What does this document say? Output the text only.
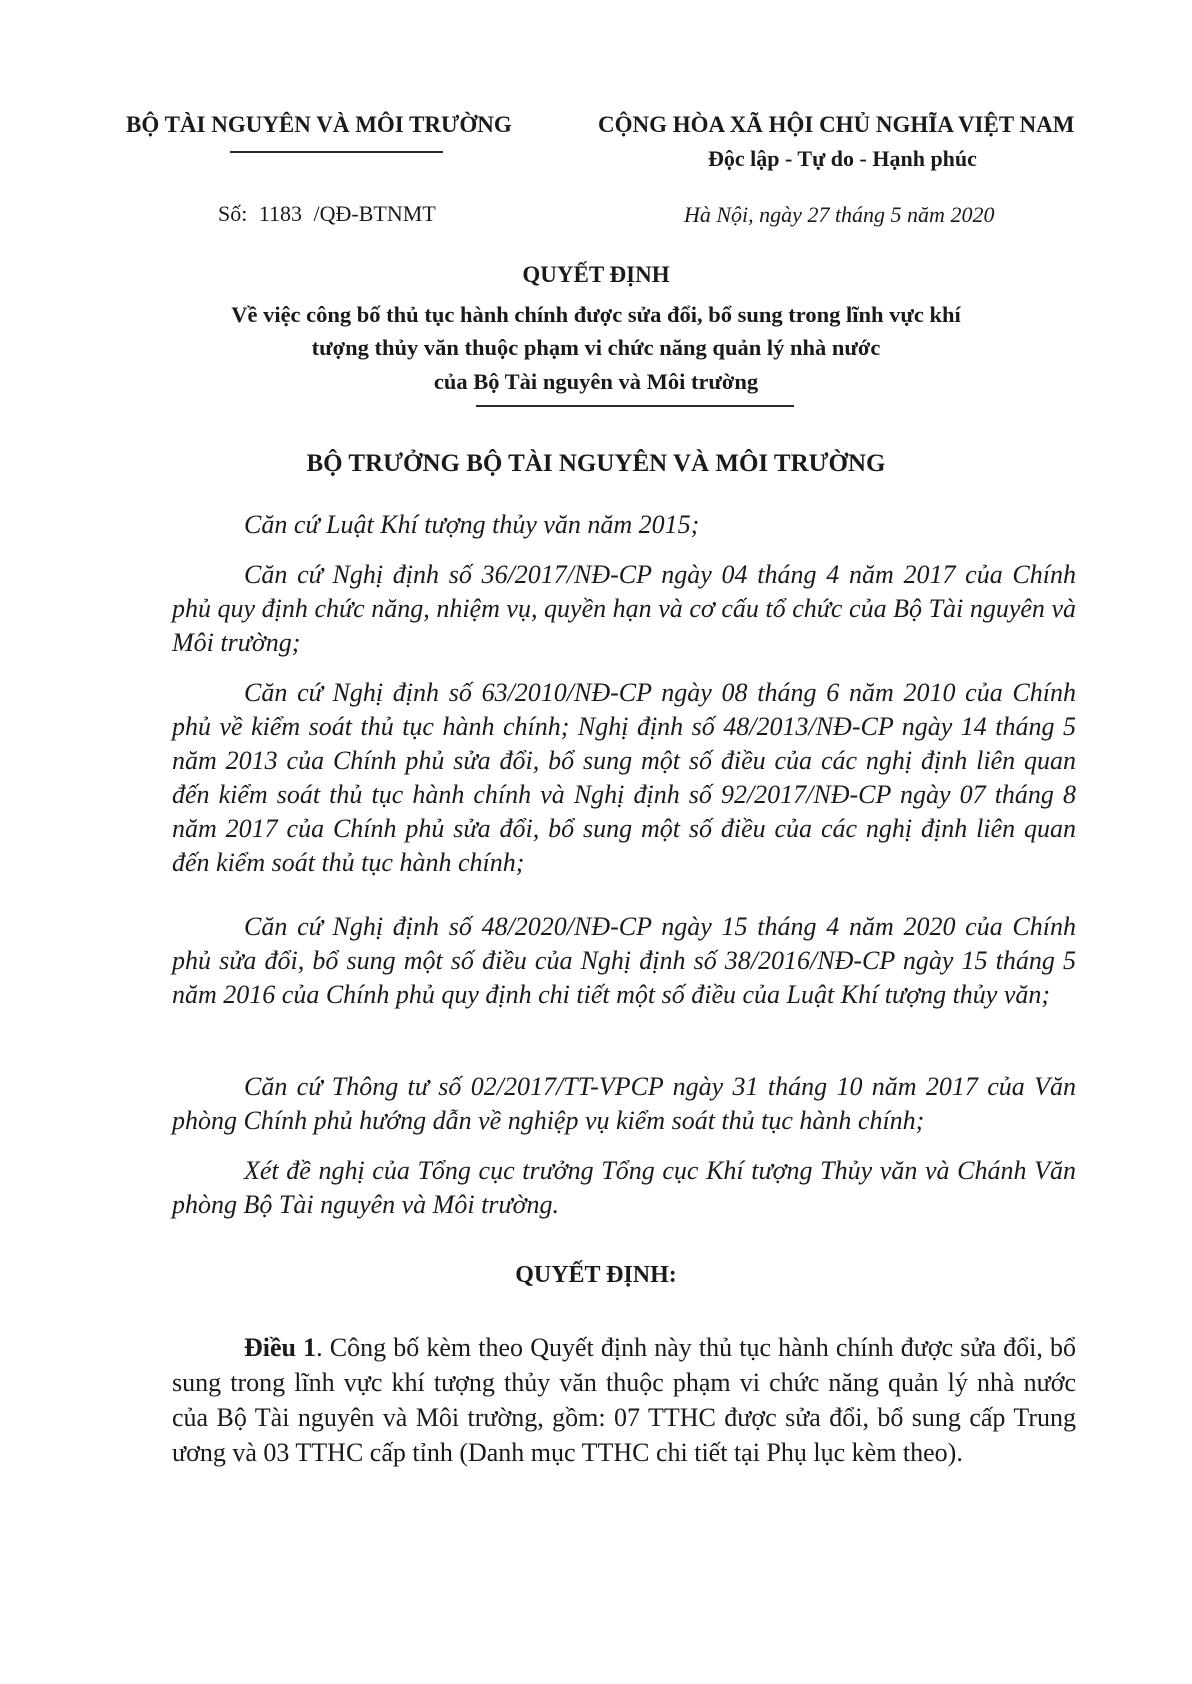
BỘ TÀI NGUYÊN VÀ MÔI TRƯỜNG	CỘNG HÒA XÃ HỘI CHỦ NGHĨA VIỆT NAM
Độc lập - Tự do - Hạnh phúc
Số: 1183 /QĐ-BTNMT	Hà Nội, ngày 27 tháng 5 năm 2020
QUYẾT ĐỊNH
Về việc công bố thủ tục hành chính được sửa đổi, bổ sung trong lĩnh vực khí
tượng thủy văn thuộc phạm vi chức năng quản lý nhà nước
của Bộ Tài nguyên và Môi trường
BỘ TRƯỞNG BỘ TÀI NGUYÊN VÀ MÔI TRƯỜNG
Căn cứ Luật Khí tượng thủy văn năm 2015;
Căn cứ Nghị định số 36/2017/NĐ-CP ngày 04 tháng 4 năm 2017 của Chính phủ quy định chức năng, nhiệm vụ, quyền hạn và cơ cấu tổ chức của Bộ Tài nguyên và Môi trường;
Căn cứ Nghị định số 63/2010/NĐ-CP ngày 08 tháng 6 năm 2010 của Chính phủ về kiểm soát thủ tục hành chính; Nghị định số 48/2013/NĐ-CP ngày 14 tháng 5 năm 2013 của Chính phủ sửa đổi, bổ sung một số điều của các nghị định liên quan đến kiểm soát thủ tục hành chính và Nghị định số 92/2017/NĐ-CP ngày 07 tháng 8 năm 2017 của Chính phủ sửa đổi, bổ sung một số điều của các nghị định liên quan đến kiểm soát thủ tục hành chính;
Căn cứ Nghị định số 48/2020/NĐ-CP ngày 15 tháng 4 năm 2020 của Chính phủ sửa đổi, bổ sung một số điều của Nghị định số 38/2016/NĐ-CP ngày 15 tháng 5 năm 2016 của Chính phủ quy định chi tiết một số điều của Luật Khí tượng thủy văn;
Căn cứ Thông tư số 02/2017/TT-VPCP ngày 31 tháng 10 năm 2017 của Văn phòng Chính phủ hướng dẫn về nghiệp vụ kiểm soát thủ tục hành chính;
Xét đề nghị của Tổng cục trưởng Tổng cục Khí tượng Thủy văn và Chánh Văn phòng Bộ Tài nguyên và Môi trường.
QUYẾT ĐỊNH:
Điều 1. Công bố kèm theo Quyết định này thủ tục hành chính được sửa đổi, bổ sung trong lĩnh vực khí tượng thủy văn thuộc phạm vi chức năng quản lý nhà nước của Bộ Tài nguyên và Môi trường, gồm: 07 TTHC được sửa đổi, bổ sung cấp Trung ương và 03 TTHC cấp tỉnh (Danh mục TTHC chi tiết tại Phụ lục kèm theo).
